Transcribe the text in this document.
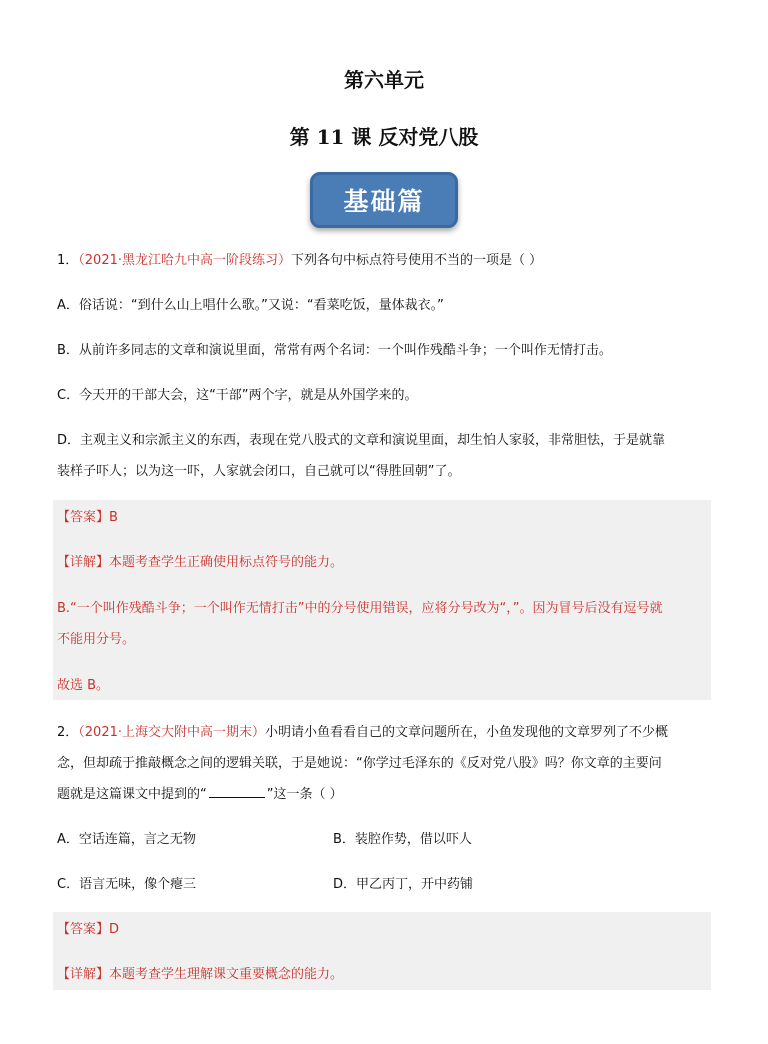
第六单元
第 11 课 反对党八股
基础篇
1．（2021·黑龙江哈九中高一阶段练习）下列各句中标点符号使用不当的一项是（ ）
A．俗话说：“到什么山上唱什么歌。”又说：“看菜吃饭，量体裁衣。”
B．从前许多同志的文章和演说里面，常常有两个名词：一个叫作残酷斗争；一个叫作无情打击。
C．今天开的干部大会，这“干部”两个字，就是从外国学来的。
D．主观主义和宗派主义的东西，表现在党八股式的文章和演说里面，却生怕人家驳，非常胆怯，于是就靠
装样子吓人；以为这一吓，人家就会闭口，自己就可以“得胜回朝”了。
【答案】B
【详解】本题考查学生正确使用标点符号的能力。
B.“一个叫作残酷斗争；一个叫作无情打击”中的分号使用错误，应将分号改为“，”。因为冒号后没有逗号就
不能用分号。
故选 B。
2．（2021·上海交大附中高一期末）小明请小鱼看看自己的文章问题所在，小鱼发现他的文章罗列了不少概
念，但却疏于推敲概念之间的逻辑关联，于是她说：“你学过毛泽东的《反对党八股》吗？你文章的主要问
题就是这篇课文中提到的“	”这一条（ ）
A．空话连篇，言之无物	B．装腔作势，借以吓人
C．语言无味，像个瘪三	D．甲乙丙丁，开中药铺
【答案】D
【详解】本题考查学生理解课文重要概念的能力。
